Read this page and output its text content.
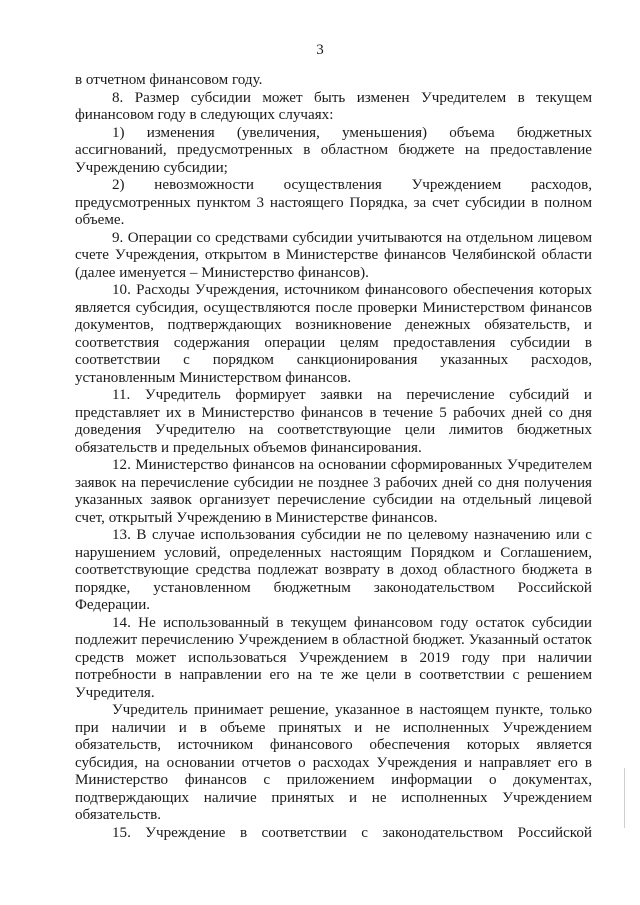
3

в отчетном финансовом году.

8. Размер субсидии может быть изменен Учредителем в текущем финансовом году в следующих случаях:

1) изменения (увеличения, уменьшения) объема бюджетных ассигнований, предусмотренных в областном бюджете на предоставление Учреждению субсидии;

2) невозможности осуществления Учреждением расходов, предусмотренных пунктом 3 настоящего Порядка, за счет субсидии в полном объеме.

9. Операции со средствами субсидии учитываются на отдельном лицевом счете Учреждения, открытом в Министерстве финансов Челябинской области (далее именуется – Министерство финансов).

10. Расходы Учреждения, источником финансового обеспечения которых является субсидия, осуществляются после проверки Министерством финансов документов, подтверждающих возникновение денежных обязательств, и соответствия содержания операции целям предоставления субсидии в соответствии с порядком санкционирования указанных расходов, установленным Министерством финансов.

11. Учредитель формирует заявки на перечисление субсидий и представляет их в Министерство финансов в течение 5 рабочих дней со дня доведения Учредителю на соответствующие цели лимитов бюджетных обязательств и предельных объемов финансирования.

12. Министерство финансов на основании сформированных Учредителем заявок на перечисление субсидии не позднее 3 рабочих дней со дня получения указанных заявок организует перечисление субсидии на отдельный лицевой счет, открытый Учреждению в Министерстве финансов.

13. В случае использования субсидии не по целевому назначению или с нарушением условий, определенных настоящим Порядком и Соглашением, соответствующие средства подлежат возврату в доход областного бюджета в порядке, установленном бюджетным законодательством Российской Федерации.

14. Не использованный в текущем финансовом году остаток субсидии подлежит перечислению Учреждением в областной бюджет. Указанный остаток средств может использоваться Учреждением в 2019 году при наличии потребности в направлении его на те же цели в соответствии с решением Учредителя.

Учредитель принимает решение, указанное в настоящем пункте, только при наличии и в объеме принятых и не исполненных Учреждением обязательств, источником финансового обеспечения которых является субсидия, на основании отчетов о расходах Учреждения и направляет его в Министерство финансов с приложением информации о документах, подтверждающих наличие принятых и не исполненных Учреждением обязательств.

15. Учреждение в соответствии с законодательством Российской
